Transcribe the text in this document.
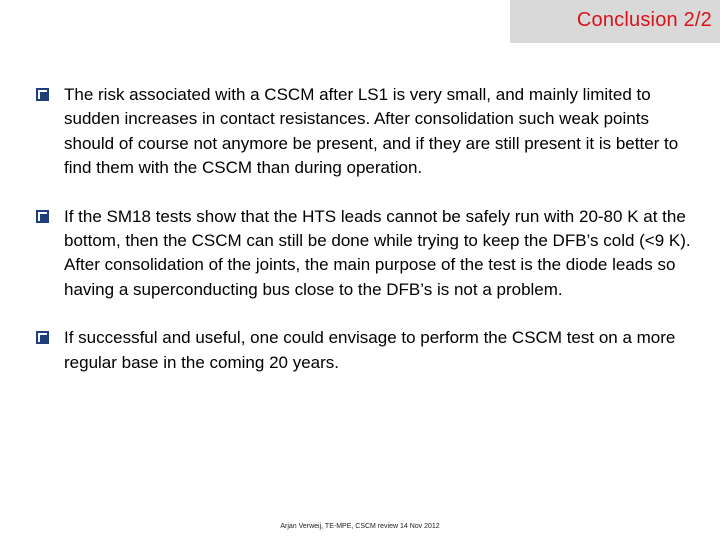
Conclusion 2/2
The risk associated with a CSCM after LS1 is very small, and mainly limited to sudden increases in contact resistances. After consolidation such weak points should of course not anymore be present, and if they are still present it is better to find them with the CSCM than during operation.
If the SM18 tests show that the HTS leads cannot be safely run with 20-80 K at the bottom, then the CSCM can still be done while trying to keep the DFB’s cold (<9 K). After consolidation of the joints, the main purpose of the test is the diode leads so having a superconducting bus close to the DFB’s is not a problem.
If successful and useful, one could envisage to perform the CSCM test on a more regular base in the coming 20 years.
Arjan Verweij, TE-MPE, CSCM review 14 Nov 2012
